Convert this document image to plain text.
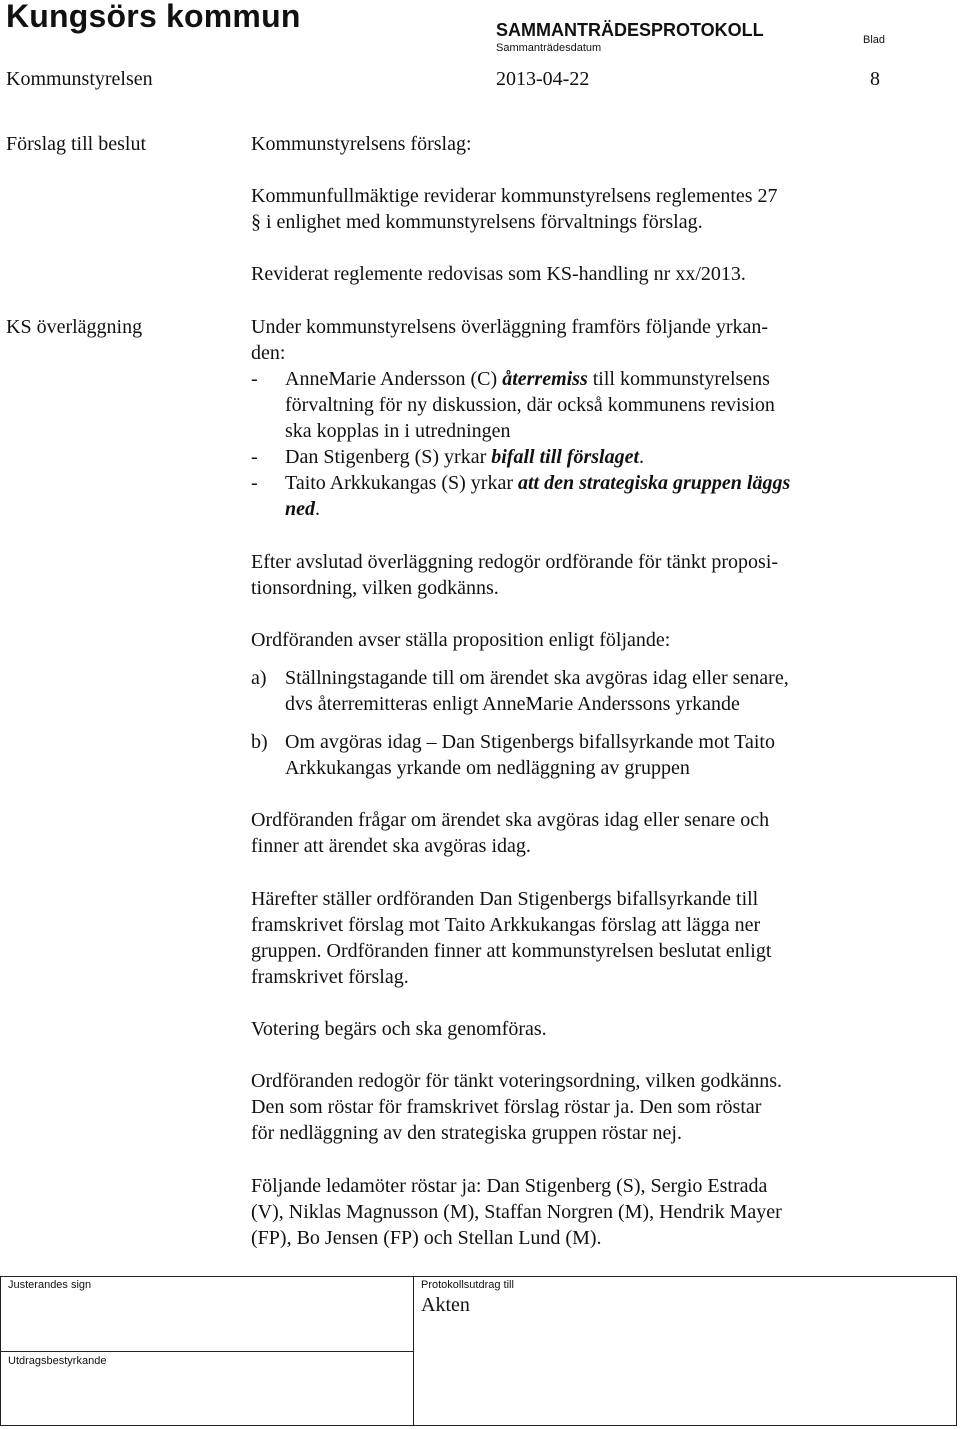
Kungsörs kommun	SAMMANTRÄDESPROTOKOLL
Sammanträdesdatum
Blad
Kommunstyrelsen	2013-04-22	8
Förslag till beslut	Kommunstyrelsens förslag:
Kommunfullmäktige reviderar kommunstyrelsens reglementes 27
§ i enlighet med kommunstyrelsens förvaltnings förslag.
Reviderat reglemente redovisas som KS-handling nr xx/2013.
KS överläggning	Under kommunstyrelsens överläggning framförs följande yrkan-
den:
- AnneMarie Andersson (C) återremiss till kommunstyrelsens
förvaltning för ny diskussion, där också kommunens revision
ska kopplas in i utredningen
- Dan Stigenberg (S) yrkar bifall till förslaget.
- Taito Arkkukangas (S) yrkar att den strategiska gruppen läggs
ned.
Efter avslutad överläggning redogör ordförande för tänkt proposi-
tionsordning, vilken godkänns.
Ordföranden avser ställa proposition enligt följande:
a) Ställningstagande till om ärendet ska avgöras idag eller senare,
dvs återremitteras enligt AnneMarie Anderssons yrkande
b) Om avgöras idag – Dan Stigenbergs bifallsyrkande mot Taito
Arkkukangas yrkande om nedläggning av gruppen
Ordföranden frågar om ärendet ska avgöras idag eller senare och
finner att ärendet ska avgöras idag.
Härefter ställer ordföranden Dan Stigenbergs bifallsyrkande till
framskrivet förslag mot Taito Arkkukangas förslag att lägga ner
gruppen. Ordföranden finner att kommunstyrelsen beslutat enligt
framskrivet förslag.
Votering begärs och ska genomföras.
Ordföranden redogör för tänkt voteringsordning, vilken godkänns.
Den som röstar för framskrivet förslag röstar ja. Den som röstar
för nedläggning av den strategiska gruppen röstar nej.
Följande ledamöter röstar ja: Dan Stigenberg (S), Sergio Estrada
(V), Niklas Magnusson (M), Staffan Norgren (M), Hendrik Mayer
(FP), Bo Jensen (FP) och Stellan Lund (M).
Justerandes sign	Protokollsutdrag till
Akten
Utdragsbestyrkande
